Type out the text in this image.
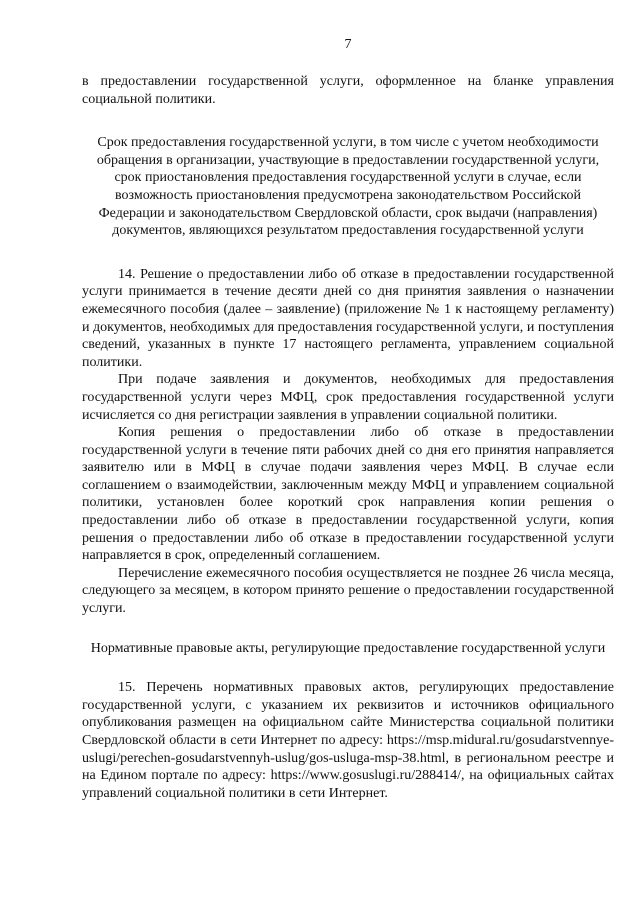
7

в предоставлении государственной услуги, оформленное на бланке управления социальной политики.

Срок предоставления государственной услуги, в том числе с учетом необходимости обращения в организации, участвующие в предоставлении государственной услуги, срок приостановления предоставления государственной услуги в случае, если возможность приостановления предусмотрена законодательством Российской Федерации и законодательством Свердловской области, срок выдачи (направления) документов, являющихся результатом предоставления государственной услуги

14. Решение о предоставлении либо об отказе в предоставлении государственной услуги принимается в течение десяти дней со дня принятия заявления о назначении ежемесячного пособия (далее – заявление) (приложение № 1 к настоящему регламенту) и документов, необходимых для предоставления государственной услуги, и поступления сведений, указанных в пункте 17 настоящего регламента, управлением социальной политики.

При подаче заявления и документов, необходимых для предоставления государственной услуги через МФЦ, срок предоставления государственной услуги исчисляется со дня регистрации заявления в управлении социальной политики.

Копия решения о предоставлении либо об отказе в предоставлении государственной услуги в течение пяти рабочих дней со дня его принятия направляется заявителю или в МФЦ в случае подачи заявления через МФЦ. В случае если соглашением о взаимодействии, заключенным между МФЦ и управлением социальной политики, установлен более короткий срок направления копии решения о предоставлении либо об отказе в предоставлении государственной услуги, копия решения о предоставлении либо об отказе в предоставлении государственной услуги направляется в срок, определенный соглашением.

Перечисление ежемесячного пособия осуществляется не позднее 26 числа месяца, следующего за месяцем, в котором принято решение о предоставлении государственной услуги.

Нормативные правовые акты, регулирующие предоставление государственной услуги

15. Перечень нормативных правовых актов, регулирующих предоставление государственной услуги, с указанием их реквизитов и источников официального опубликования размещен на официальном сайте Министерства социальной политики Свердловской области в сети Интернет по адресу: https://msp.midural.ru/gosudarstvennye-uslugi/perechen-gosudarstvennyh-uslug/gos-usluga-msp-38.html, в региональном реестре и на Едином портале по адресу: https://www.gosuslugi.ru/288414/, на официальных сайтах управлений социальной политики в сети Интернет.
